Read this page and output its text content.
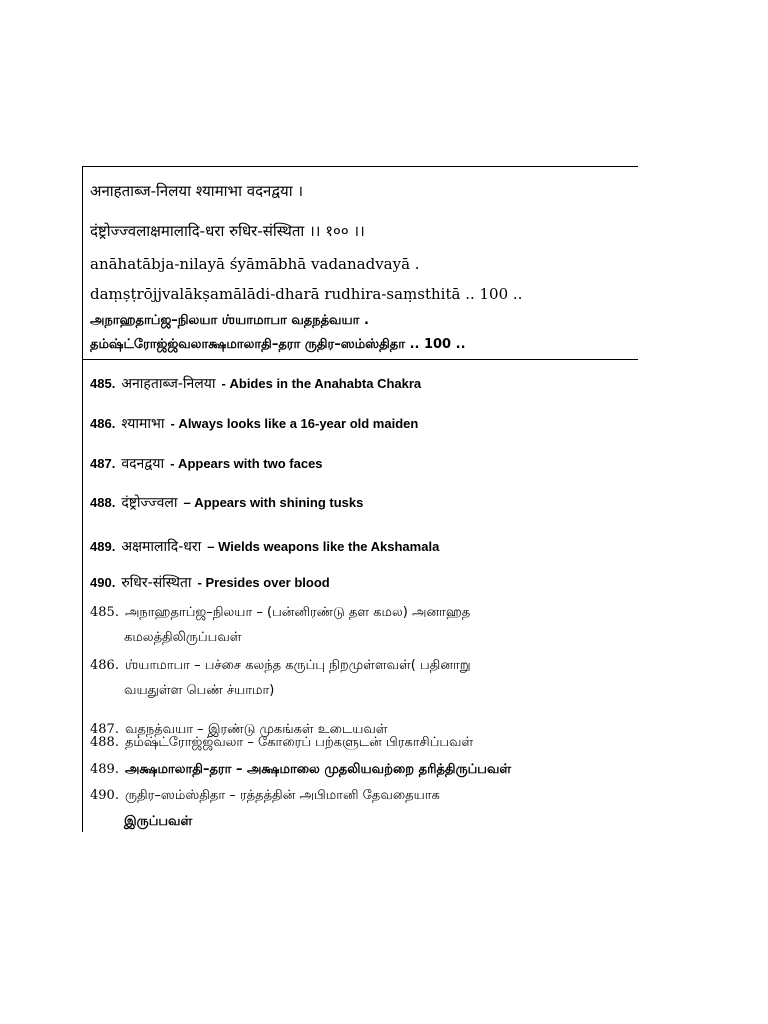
अनाहताब्ज-निलया श्यामाभा वदनद्वया ।
दंष्ट्रोज्ज्वलाक्षमालादि-धरा रुधिर-संस्थिता ।। १०० ।।
anāhatābja-nilayā śyāmābhā vadanadvayā .
daṃṣṭrōjjvalākṣamālādi-dharā rudhira-saṃsthitā .. 100 ..
அநாஹதாப்ஜ–நிலயா ஶ்யாமாபா வதநத்வயா .
தம்ஷ்ட்ரோஜ்ஜ்வலாக்ஷமாலாதி–தரா ருதிர–ஸம்ஸ்திதா .. 100 ..
485. अनाहताब्ज-निलया - Abides in the Anahabta Chakra
486. श्यामाभा - Always looks like a 16-year old maiden
487. वदनद्वया - Appears with two faces
488. दंष्ट्रोज्ज्वला – Appears with shining tusks
489. अक्षमालादि-धरा – Wields weapons like the Akshamala
490. रुधिर-संस्थिता - Presides over blood
485. அநாஹதாப்ஜ–நிலயா – (பன்னிரண்டு தள கமல) அனாஹத
கமலத்திலிருப்பவள்
486. ஶ்யாமாபா – பச்சை கலந்த கருப்பு நிறமுள்ளவள்( பதினாறு
வயதுள்ள பெண் ச்யாமா)
487. வதநத்வயா – இரண்டு முகங்கள் உடையவள்
488. தம்ஷ்ட்ரோஜ்ஜ்வலா – கோரைப் பற்களுடன் பிரகாசிப்பவள்
489. அக்ஷமாலாதி–தரா – அக்ஷமாலை முதலியவற்றை தரித்திருப்பவள்
490. ருதிர–ஸம்ஸ்திதா – ரத்தத்தின் அபிமானி தேவதையாக
இருப்பவள்
